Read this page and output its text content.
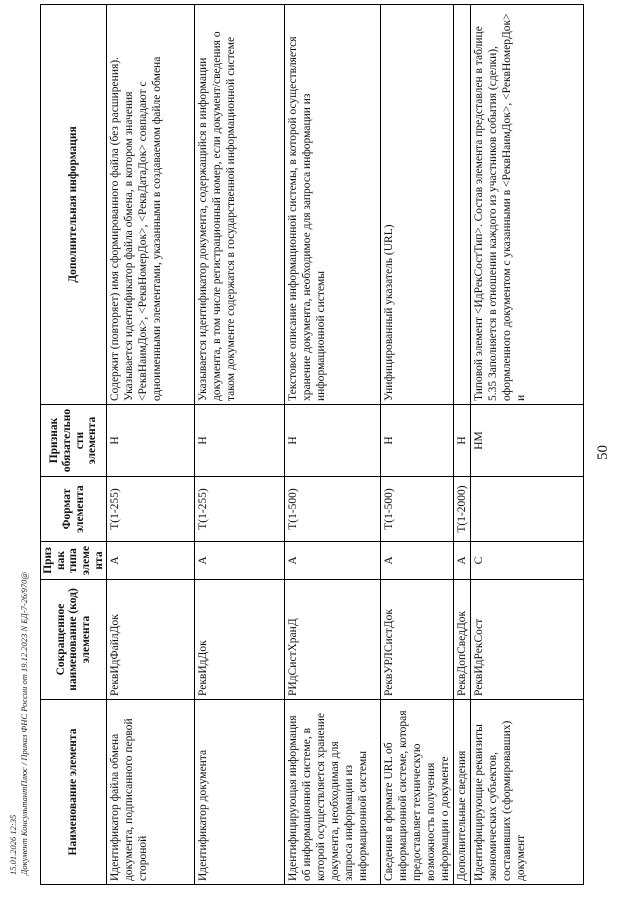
15.01.2026 12:35 Документ КонсультантПлюс / Приказ ФНС России от 19.12.2023 N ЕД-7-26/970@	Наименование элемента	Сокращенное наименование (код) элемента	Признак типа элемента	Формат элемента	Признак обязательности элемента	Дополнительная информация
Идентификатор файла обмена документа, подписанного первой стороной	РеквИдФайлДок	А	T(1-255)	Н	Содержит (повторяет) имя сформированного файла (без расширения). Указывается идентификатор файла обмена, в котором значения <РеквНаимДок>, <РеквНомерДок>, <РеквДатаДок> совпадают с одноименными элементами, указанными в создаваемом файле обмена
Идентификатор документа	РеквИдДок	А	T(1-255)	Н	Указывается идентификатор документа, содержащийся в информации документа, в том числе регистрационный номер, если документ/сведения о таком документе содержатся в государственной информационной системе
Идентифицирующая информация об информационной системе, в которой осуществляется хранение документа, необходимая для запроса информации из информационной системы	РИдСистХранД	А	T(1-500)	Н	Текстовое описание информационной системы, в которой осуществляется хранение документа, необходимое для запроса информации из информационной системы
Сведения в формате URL об информационной системе, которая предоставляет техническую возможность получения информации о документе	РеквУРЛСистДок	А	T(1-500)	Н	Унифицированный указатель (URL)
Дополнительные сведения	РеквДопСведДок	А	T(1-2000)	Н	
Идентифицирующие реквизиты экономических субъектов, составивших (сформировавших) документ	РеквИдРекСост	С		НМ	Типовой элемент <ИдРекСостТип>. Состав элемента представлен в таблице 5.35 Заполняется в отношении каждого из участников события (сделки), оформленного документом с указанными в <РеквНаимДок>, <РеквНомерДок> и
50
